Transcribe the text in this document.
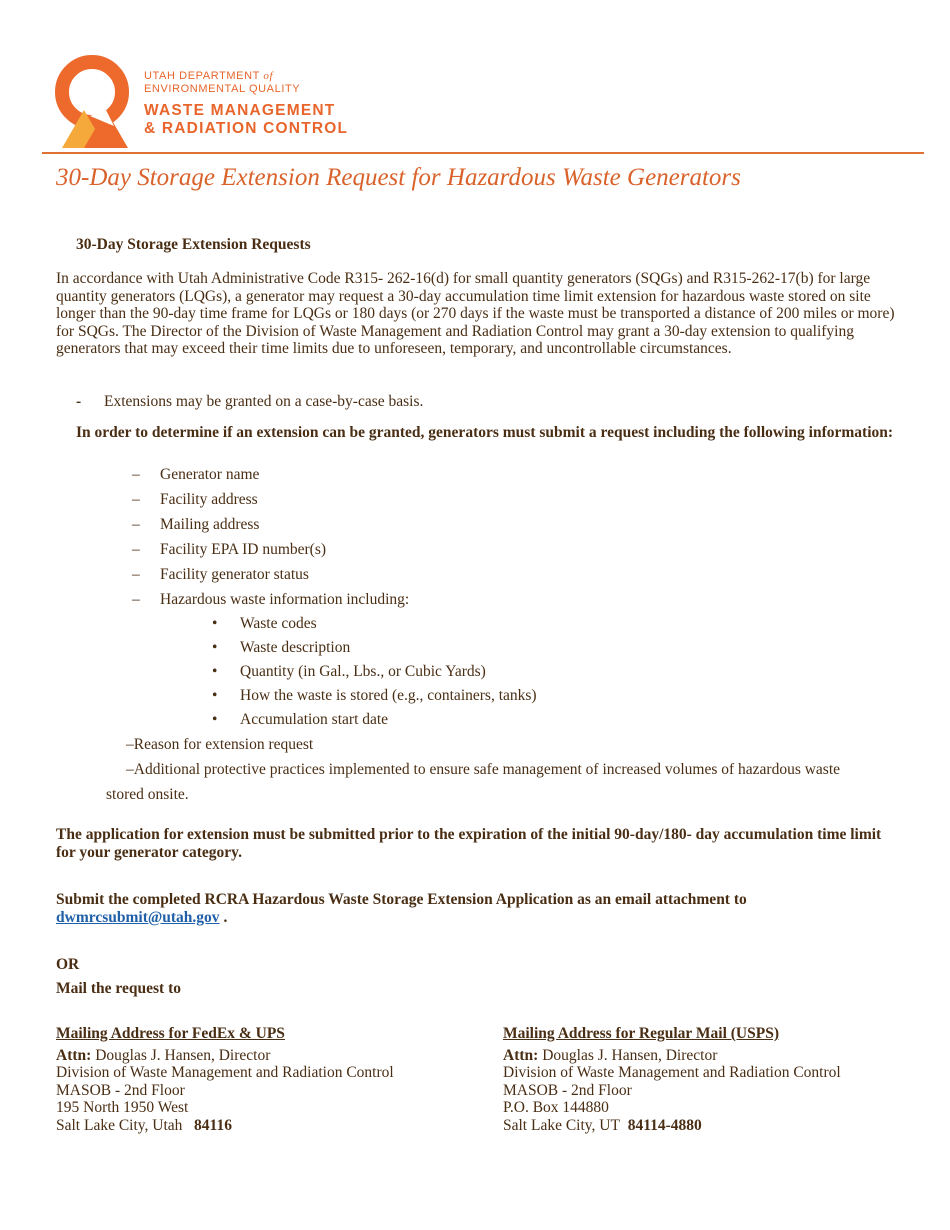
UTAH DEPARTMENT of
ENVIRONMENTAL QUALITY
WASTE MANAGEMENT
& RADIATION CONTROL
30-Day Storage Extension Request for Hazardous Waste Generators
30-Day Storage Extension Requests
In accordance with Utah Administrative Code R315- 262-16(d) for small quantity generators (SQGs) and R315-262-17(b) for large quantity generators (LQGs), a generator may request a 30-day accumulation time limit extension for hazardous waste stored on site longer than the 90-day time frame for LQGs or 180 days (or 270 days if the waste must be transported a distance of 200 miles or more) for SQGs. The Director of the Division of Waste Management and Radiation Control may grant a 30-day extension to qualifying generators that may exceed their time limits due to unforeseen, temporary, and uncontrollable circumstances.
- Extensions may be granted on a case-by-case basis.
In order to determine if an extension can be granted, generators must submit a request including the following information:
– Generator name
– Facility address
– Mailing address
– Facility EPA ID number(s)
– Facility generator status
– Hazardous waste information including:
• Waste codes
• Waste description
• Quantity (in Gal., Lbs., or Cubic Yards)
• How the waste is stored (e.g., containers, tanks)
• Accumulation start date
–Reason for extension request
–Additional protective practices implemented to ensure safe management of increased volumes of hazardous waste
stored onsite.
The application for extension must be submitted prior to the expiration of the initial 90-day/180- day accumulation time limit for your generator category.
Submit the completed RCRA Hazardous Waste Storage Extension Application as an email attachment to dwmrcsubmit@utah.gov .
OR
Mail the request to
Mailing Address for FedEx & UPS
Attn: Douglas J. Hansen, Director
Division of Waste Management and Radiation Control
MASOB - 2nd Floor
195 North 1950 West
Salt Lake City, Utah 84116
Mailing Address for Regular Mail (USPS)
Attn: Douglas J. Hansen, Director
Division of Waste Management and Radiation Control
MASOB - 2nd Floor
P.O. Box 144880
Salt Lake City, UT 84114-4880
